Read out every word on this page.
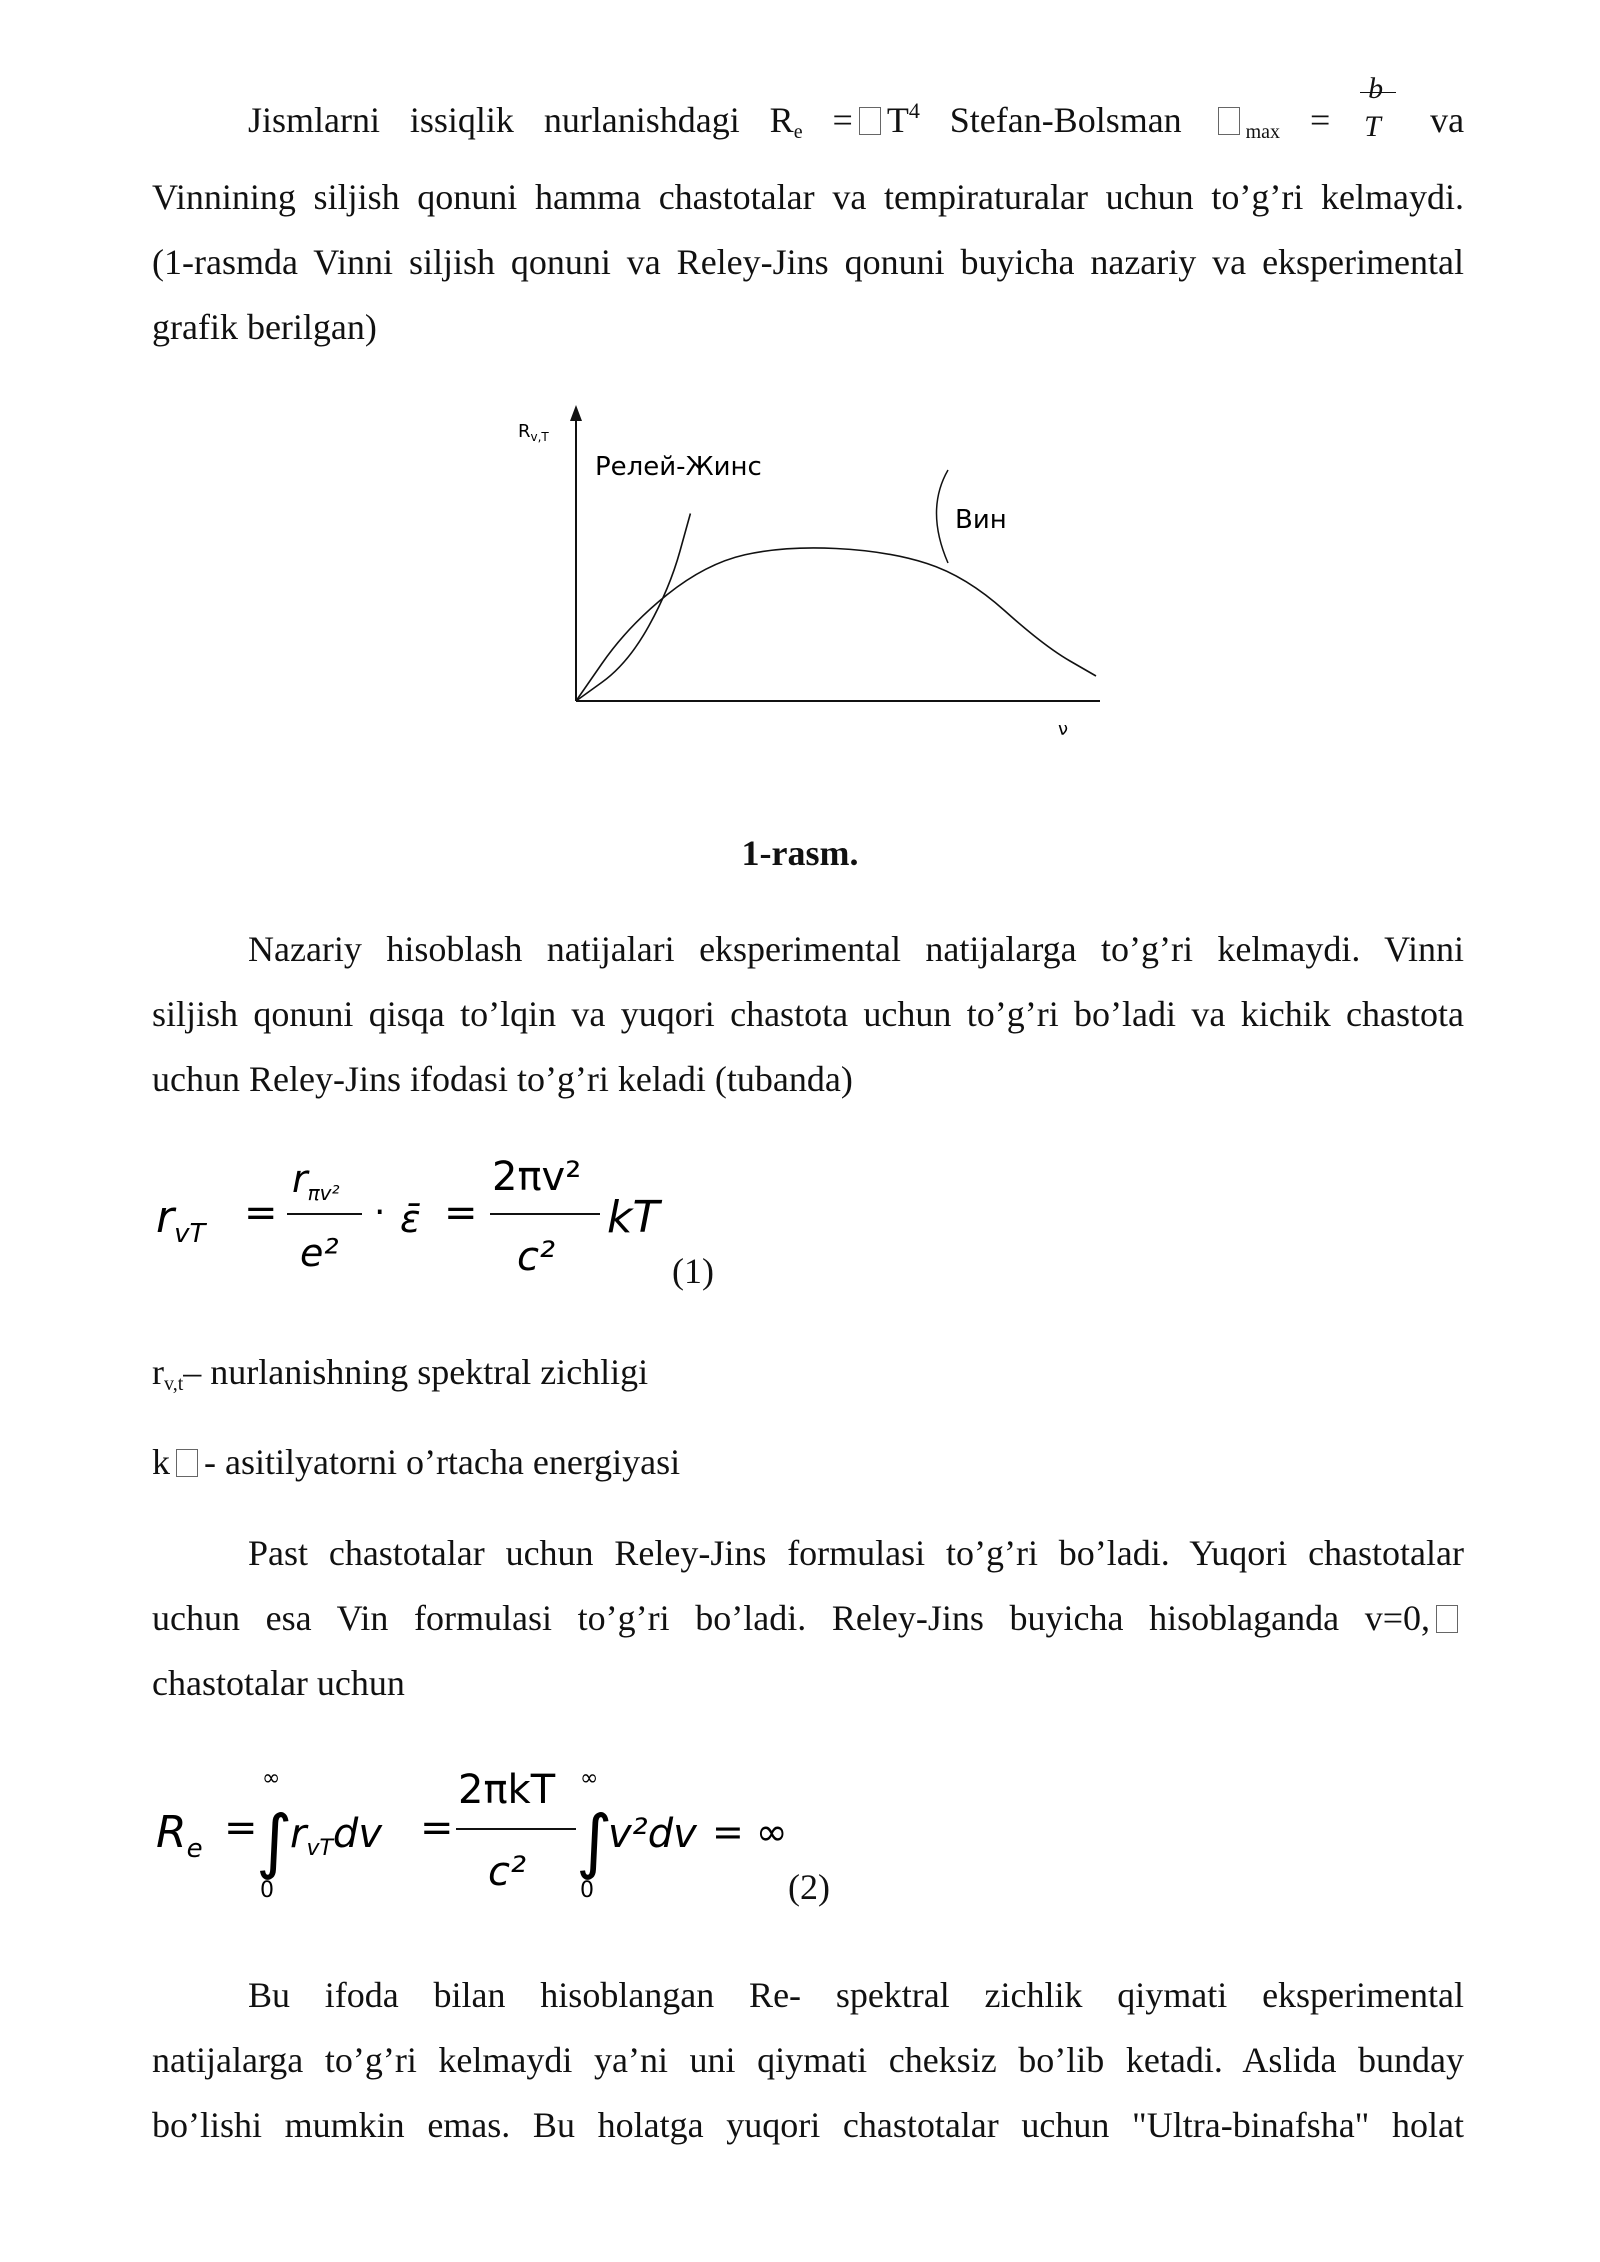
Jismlarni issiqlik nurlanishdagi $R_e = T^4$ Stefan-Bolsman	$_{max}$ =
b
T va
Vinnining siljish qonuni hamma chastotalar va tempiraturalar uchun to’g’ri kelmaydi.
(1-rasmda Vinni siljish qonuni va Reley-Jins qonuni buyicha nazariy va eksperimental
grafik berilgan)
$R_{v,T}$
ν
Релей-Жинс
Вин
1-rasm.
Nazariy hisoblash natijalari eksperimental natijalarga to’g’ri kelmaydi. Vinni
siljish qonuni qisqa to’lqin va yuqori chastota uchun to’g’ri bo’ladi va kichik chastota
uchun Reley-Jins ifodasi to’g’ri keladi (tubanda)
$r_{vT}$ =
$r_{\pi v^2}$
e²
· ε̄ =
2πv²
c²
kT
(1)
$r_{v,t}-$ nurlanishning spektral zichligi
k - asitilyatorni o’rtacha energiyasi
Past chastotalar uchun Reley-Jins formulasi to’g’ri bo’ladi. Yuqori chastotalar
uchun esa Vin formulasi to’g’ri bo’ladi. Reley-Jins buyicha hisoblaganda v=0,
chastotalar uchun
$R_e$ =
∞
∫
0
$r_{vT}dv$ =
2πkT
c²
∞
∫
0
v²dv = ∞
(2)
Bu ifoda bilan hisoblangan Re- spektral zichlik qiymati eksperimental
natijalarga to’g’ri kelmaydi ya’ni uni qiymati cheksiz bo’lib ketadi. Aslida bunday
bo’lishi mumkin emas. Bu holatga yuqori chastotalar uchun "Ultra-binafsha" holat
